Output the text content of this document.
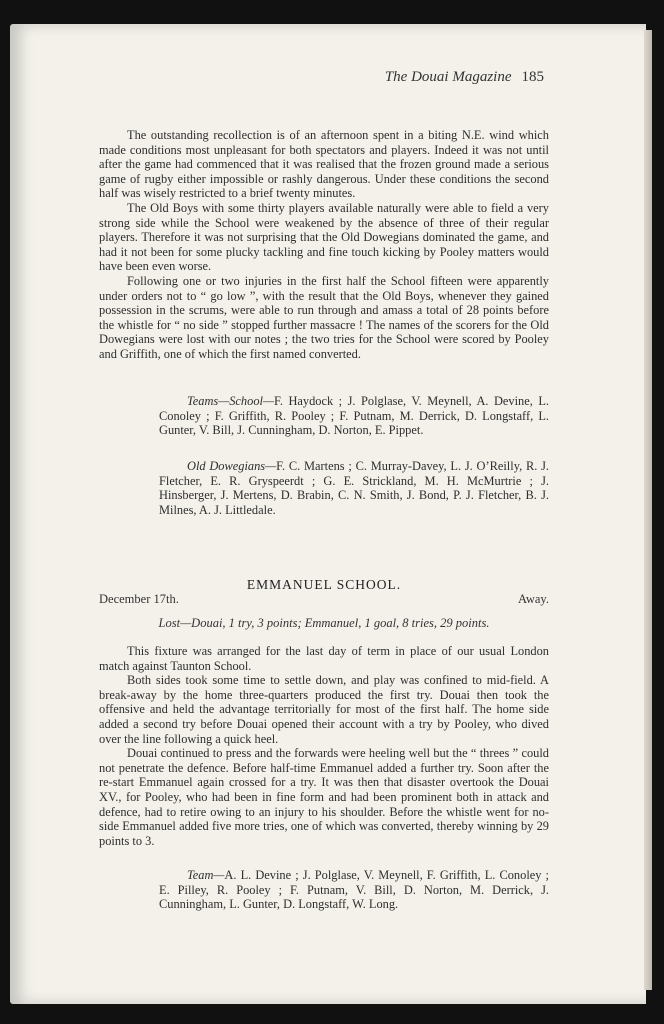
The Douai Magazine 185

The outstanding recollection is of an afternoon spent in a biting N.E. wind which made conditions most unpleasant for both spectators and players. Indeed it was not until after the game had commenced that it was realised that the frozen ground made a serious game of rugby either impossible or rashly dangerous. Under these conditions the second half was wisely restricted to a brief twenty minutes.

The Old Boys with some thirty players available naturally were able to field a very strong side while the School were weakened by the absence of three of their regular players. Therefore it was not surprising that the Old Dowegians dominated the game, and had it not been for some plucky tackling and fine touch kicking by Pooley matters would have been even worse.

Following one or two injuries in the first half the School fifteen were apparently under orders not to “ go low ”, with the result that the Old Boys, whenever they gained possession in the scrums, were able to run through and amass a total of 28 points before the whistle for “ no side ” stopped further massacre ! The names of the scorers for the Old Dowegians were lost with our notes ; the two tries for the School were scored by Pooley and Griffith, one of which the first named converted.

Teams—School—F. Haydock ; J. Polglase, V. Meynell, A. Devine, L. Conoley ; F. Griffith, R. Pooley ; F. Putnam, M. Derrick, D. Longstaff, L. Gunter, V. Bill, J. Cunningham, D. Norton, E. Pippet.

Old Dowegians—F. C. Martens ; C. Murray-Davey, L. J. O’Reilly, R. J. Fletcher, E. R. Gryspeerdt ; G. E. Strickland, M. H. McMurtrie ; J. Hinsberger, J. Mertens, D. Brabin, C. N. Smith, J. Bond, P. J. Fletcher, B. J. Milnes, A. J. Littledale.

EMMANUEL SCHOOL.
December 17th.	Away.
Lost—Douai, 1 try, 3 points; Emmanuel, 1 goal, 8 tries, 29 points.

This fixture was arranged for the last day of term in place of our usual London match against Taunton School.

Both sides took some time to settle down, and play was confined to mid-field. A break-away by the home three-quarters produced the first try. Douai then took the offensive and held the advantage territorially for most of the first half. The home side added a second try before Douai opened their account with a try by Pooley, who dived over the line following a quick heel.

Douai continued to press and the forwards were heeling well but the “ threes ” could not penetrate the defence. Before half-time Emmanuel added a further try. Soon after the re-start Emmanuel again crossed for a try. It was then that disaster overtook the Douai XV., for Pooley, who had been in fine form and had been prominent both in attack and defence, had to retire owing to an injury to his shoulder. Before the whistle went for no-side Emmanuel added five more tries, one of which was converted, thereby winning by 29 points to 3.

Team—A. L. Devine ; J. Polglase, V. Meynell, F. Griffith, L. Conoley ; E. Pilley, R. Pooley ; F. Putnam, V. Bill, D. Norton, M. Derrick, J. Cunningham, L. Gunter, D. Longstaff, W. Long.
